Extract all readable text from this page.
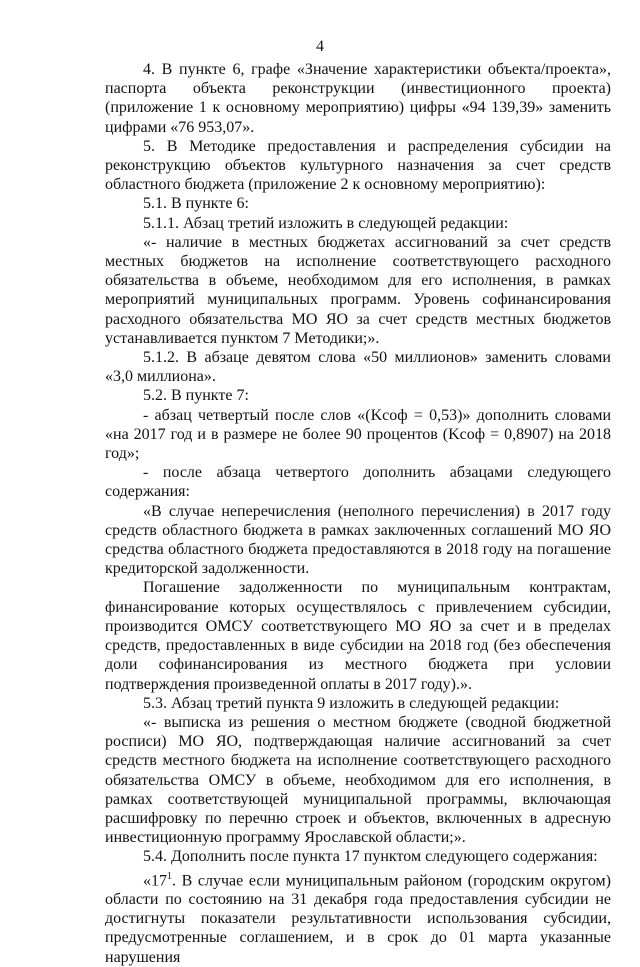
4

4. В пункте 6, графе «Значение характеристики объекта/проекта», паспорта объекта реконструкции (инвестиционного проекта) (приложение 1 к основному мероприятию) цифры «94 139,39» заменить цифрами «76 953,07».

5. В Методике предоставления и распределения субсидии на реконструкцию объектов культурного назначения за счет средств областного бюджета (приложение 2 к основному мероприятию):

5.1. В пункте 6:

5.1.1. Абзац третий изложить в следующей редакции:

«- наличие в местных бюджетах ассигнований за счет средств местных бюджетов на исполнение соответствующего расходного обязательства в объеме, необходимом для его исполнения, в рамках мероприятий муниципальных программ. Уровень софинансирования расходного обязательства МО ЯО за счет средств местных бюджетов устанавливается пунктом 7 Методики;».

5.1.2. В абзаце девятом слова «50 миллионов» заменить словами «3,0 миллиона».

5.2. В пункте 7:

- абзац четвертый после слов «(Kсоф = 0,53)» дополнить словами «на 2017 год и в размере не более 90 процентов (Kсоф = 0,8907) на 2018 год»;

- после абзаца четвертого дополнить абзацами следующего содержания:

«В случае неперечисления (неполного перечисления) в 2017 году средств областного бюджета в рамках заключенных соглашений МО ЯО средства областного бюджета предоставляются в 2018 году на погашение кредиторской задолженности.

Погашение задолженности по муниципальным контрактам, финансирование которых осуществлялось с привлечением субсидии, производится ОМСУ соответствующего МО ЯО за счет и в пределах средств, предоставленных в виде субсидии на 2018 год (без обеспечения доли софинансирования из местного бюджета при условии подтверждения произведенной оплаты в 2017 году).».

5.3. Абзац третий пункта 9 изложить в следующей редакции:

«- выписка из решения о местном бюджете (сводной бюджетной росписи) МО ЯО, подтверждающая наличие ассигнований за счет средств местного бюджета на исполнение соответствующего расходного обязательства ОМСУ в объеме, необходимом для его исполнения, в рамках соответствующей муниципальной программы, включающая расшифровку по перечню строек и объектов, включенных в адресную инвестиционную программу Ярославской области;».

5.4. Дополнить после пункта 17 пунктом следующего содержания:

«$17^1$. В случае если муниципальным районом (городским округом) области по состоянию на 31 декабря года предоставления субсидии не достигнуты показатели результативности использования субсидии, предусмотренные соглашением, и в срок до 01 марта указанные нарушения
